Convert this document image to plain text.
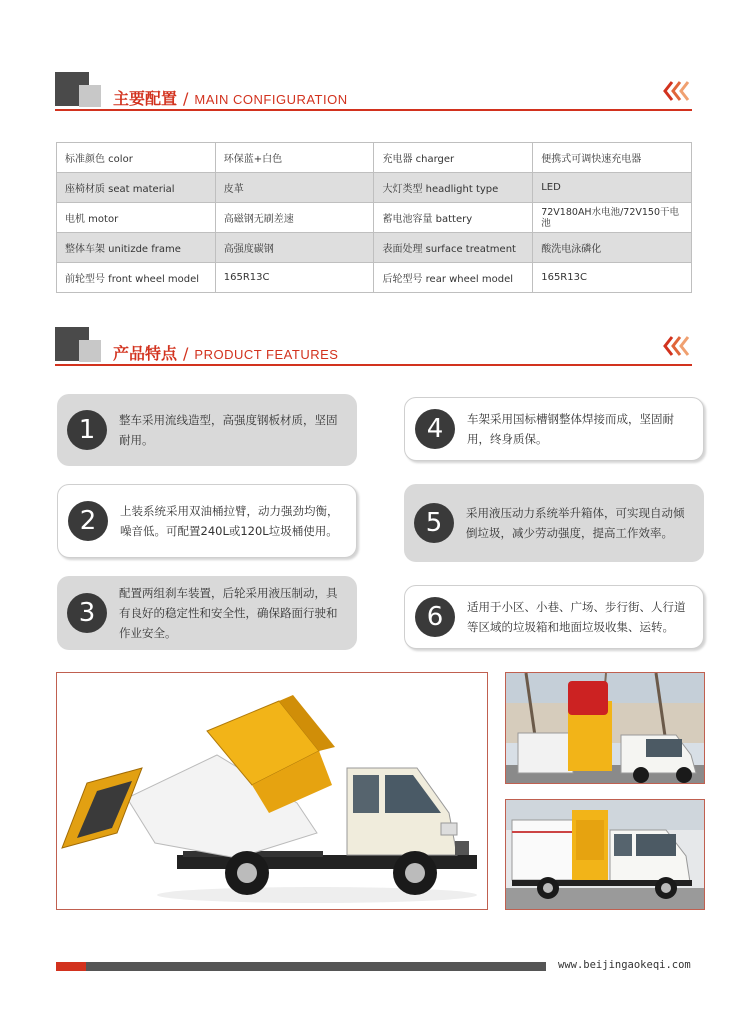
主要配置 / MAIN CONFIGURATION
标准颜色 color	环保蓝+白色	充电器 charger	便携式可调快速充电器
座椅材质 seat material	皮革	大灯类型 headlight type	LED
电机 motor	高磁钢无刷差速	蓄电池容量 battery	72V180AH水电池/72V150干电池
整体车架 unitizde frame	高强度碳钢	表面处理 surface treatment	酸洗电泳磷化
前轮型号 front wheel model	165R13C	后轮型号 rear wheel model	165R13C
产品特点 / PRODUCT FEATURES
1	整车采用流线造型，高强度钢板材质，坚固耐用。
2	上装系统采用双油桶拉臂，动力强劲均衡，噪音低。可配置240L或120L垃圾桶使用。
3
配置两组刹车装置，后轮采用液压制动，具有良好的稳定性和安全性，确保路面行驶和作业安全。
4	车架采用国标槽钢整体焊接而成，坚固耐用，终身质保。
5	采用液压动力系统举升箱体，可实现自动倾倒垃圾，减少劳动强度，提高工作效率。
6	适用于小区、小巷、广场、步行街、人行道等区域的垃圾箱和地面垃圾收集、运转。
www.beijingaokeqi.com
